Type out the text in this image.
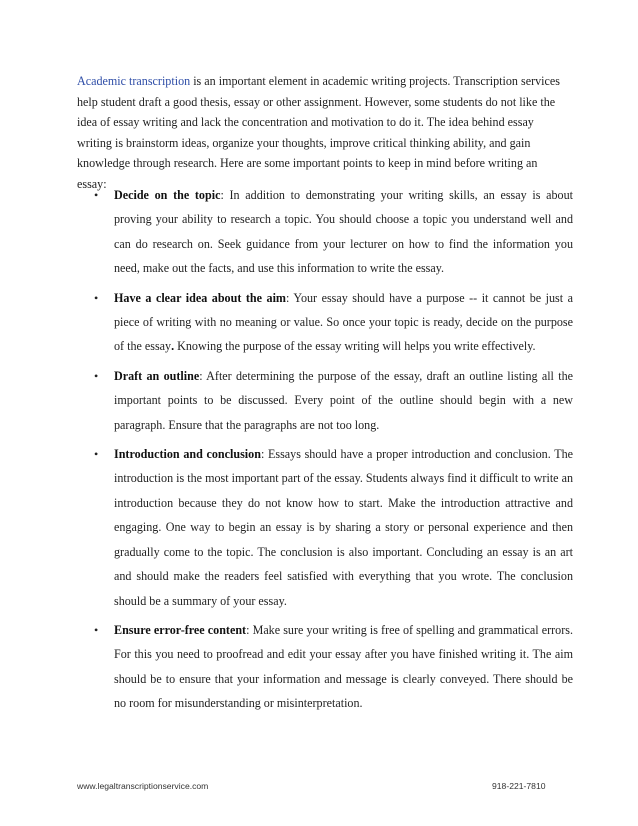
Academic transcription is an important element in academic writing projects. Transcription services help student draft a good thesis, essay or other assignment. However, some students do not like the idea of essay writing and lack the concentration and motivation to do it. The idea behind essay writing is brainstorm ideas, organize your thoughts, improve critical thinking ability, and gain knowledge through research. Here are some important points to keep in mind before writing an essay:

• Decide on the topic: In addition to demonstrating your writing skills, an essay is about proving your ability to research a topic. You should choose a topic you understand well and can do research on. Seek guidance from your lecturer on how to find the information you need, make out the facts, and use this information to write the essay.
• Have a clear idea about the aim: Your essay should have a purpose -- it cannot be just a piece of writing with no meaning or value. So once your topic is ready, decide on the purpose of the essay. Knowing the purpose of the essay writing will helps you write effectively.
• Draft an outline: After determining the purpose of the essay, draft an outline listing all the important points to be discussed. Every point of the outline should begin with a new paragraph. Ensure that the paragraphs are not too long.
• Introduction and conclusion: Essays should have a proper introduction and conclusion. The introduction is the most important part of the essay. Students always find it difficult to write an introduction because they do not know how to start. Make the introduction attractive and engaging. One way to begin an essay is by sharing a story or personal experience and then gradually come to the topic. The conclusion is also important. Concluding an essay is an art and should make the readers feel satisfied with everything that you wrote. The conclusion should be a summary of your essay.
• Ensure error-free content: Make sure your writing is free of spelling and grammatical errors. For this you need to proofread and edit your essay after you have finished writing it. The aim should be to ensure that your information and message is clearly conveyed. There should be no room for misunderstanding or misinterpretation.
www.legaltranscriptionservice.com	918-221-7810
